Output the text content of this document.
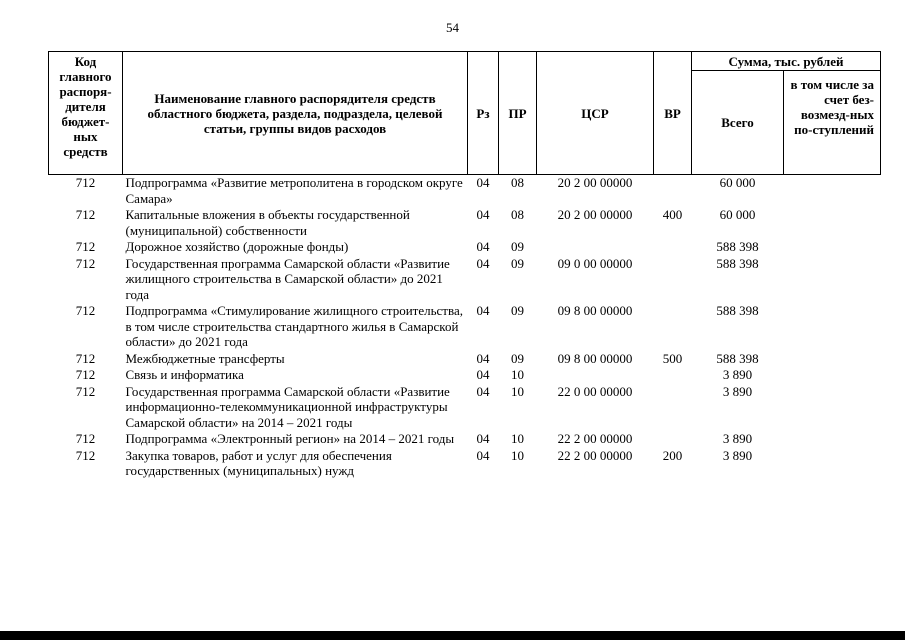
54
Код главного распоря-дителя бюджет-ных средств	Наименование главного распорядителя средств областного бюджета, раздела, подраздела, целевой статьи, группы видов расходов	Рз	ПР	ЦСР	ВР	Сумма, тыс. рублей	
						Всего	в том числе за счет без-возмезд-ных по-ступлений
712	Подпрограмма «Развитие метрополитена в городском округе Самара»	04	08	20 2 00 00000		60 000	
712	Капитальные вложения в объекты государственной (муниципальной) собственности	04	08	20 2 00 00000	400	60 000	
712	Дорожное хозяйство (дорожные фонды)	04	09			588 398	
712	Государственная программа Самарской области «Развитие жилищного строительства в Самарской области» до 2021 года	04	09	09 0 00 00000		588 398	
712	Подпрограмма «Стимулирование жилищного строительства, в том числе строительства стандартного жилья в Самарской области» до 2021 года	04	09	09 8 00 00000		588 398	
712	Межбюджетные трансферты	04	09	09 8 00 00000	500	588 398	
712	Связь и информатика	04	10			3 890	
712	Государственная программа Самарской области «Развитие информационно-телекоммуникационной инфраструктуры Самарской области» на 2014 – 2021 годы	04	10	22 0 00 00000		3 890	
712	Подпрограмма «Электронный регион» на 2014 – 2021 годы	04	10	22 2 00 00000		3 890	
712	Закупка товаров, работ и услуг для обеспечения государственных (муниципальных) нужд	04	10	22 2 00 00000	200	3 890	
